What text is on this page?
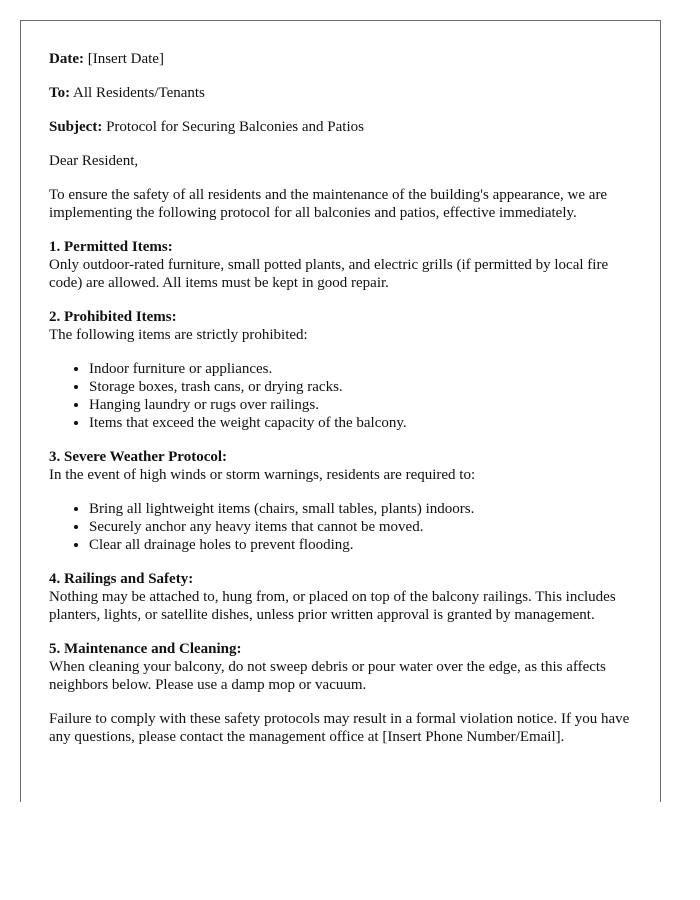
Date: [Insert Date]

To: All Residents/Tenants

Subject: Protocol for Securing Balconies and Patios

Dear Resident,

To ensure the safety of all residents and the maintenance of the building's appearance, we are implementing the following protocol for all balconies and patios, effective immediately.

1. Permitted Items:
Only outdoor-rated furniture, small potted plants, and electric grills (if permitted by local fire code) are allowed. All items must be kept in good repair.

2. Prohibited Items:
The following items are strictly prohibited:

• Indoor furniture or appliances.
• Storage boxes, trash cans, or drying racks.
• Hanging laundry or rugs over railings.
• Items that exceed the weight capacity of the balcony.

3. Severe Weather Protocol:
In the event of high winds or storm warnings, residents are required to:

• Bring all lightweight items (chairs, small tables, plants) indoors.
• Securely anchor any heavy items that cannot be moved.
• Clear all drainage holes to prevent flooding.

4. Railings and Safety:
Nothing may be attached to, hung from, or placed on top of the balcony railings. This includes planters, lights, or satellite dishes, unless prior written approval is granted by management.

5. Maintenance and Cleaning:
When cleaning your balcony, do not sweep debris or pour water over the edge, as this affects neighbors below. Please use a damp mop or vacuum.

Failure to comply with these safety protocols may result in a formal violation notice. If you have any questions, please contact the management office at [Insert Phone Number/Email].
